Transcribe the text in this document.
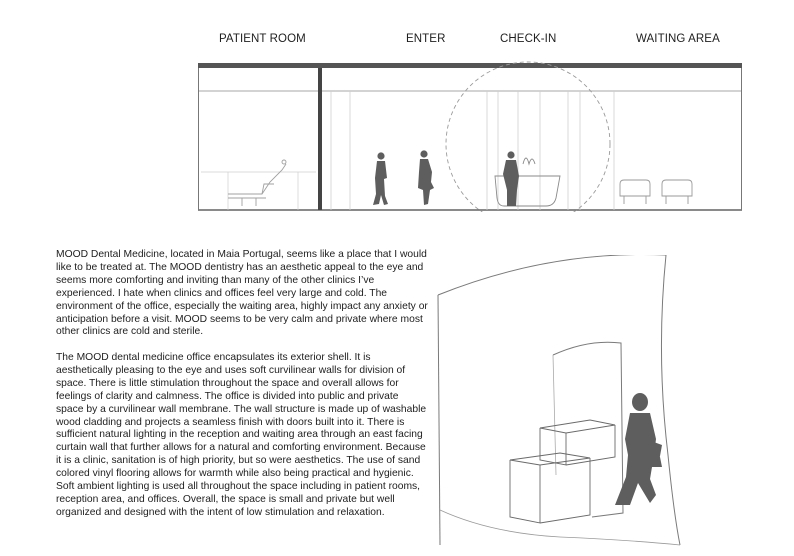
PATIENT ROOM	ENTER	CHECK-IN	WAITING AREA

MOOD Dental Medicine, located in Maia Portugal, seems like a place that I would like to be treated at. The MOOD dentistry has an aesthetic appeal to the eye and seems more comforting and inviting than many of the other clinics I’ve experienced. I hate when clinics and offices feel very large and cold. The environment of the office, especially the waiting area, highly impact any anxiety or anticipation before a visit. MOOD seems to be very calm and private where most other clinics are cold and sterile.

The MOOD dental medicine office encapsulates its exterior shell. It is aesthetically pleasing to the eye and uses soft curvilinear walls for division of space. There is little stimulation throughout the space and overall allows for feelings of clarity and calmness. The office is divided into public and private space by a curvilinear wall membrane. The wall structure is made up of washable wood cladding and projects a seamless finish with doors built into it. There is sufficient natural lighting in the reception and waiting area through an east facing curtain wall that further allows for a natural and comforting environment. Because it is a clinic, sanitation is of high priority, but so were aesthetics. The use of sand colored vinyl flooring allows for warmth while also being practical and hygienic. Soft ambient lighting is used all throughout the space including in patient rooms, reception area, and offices. Overall, the space is small and private but well organized and designed with the intent of low stimulation and relaxation.
